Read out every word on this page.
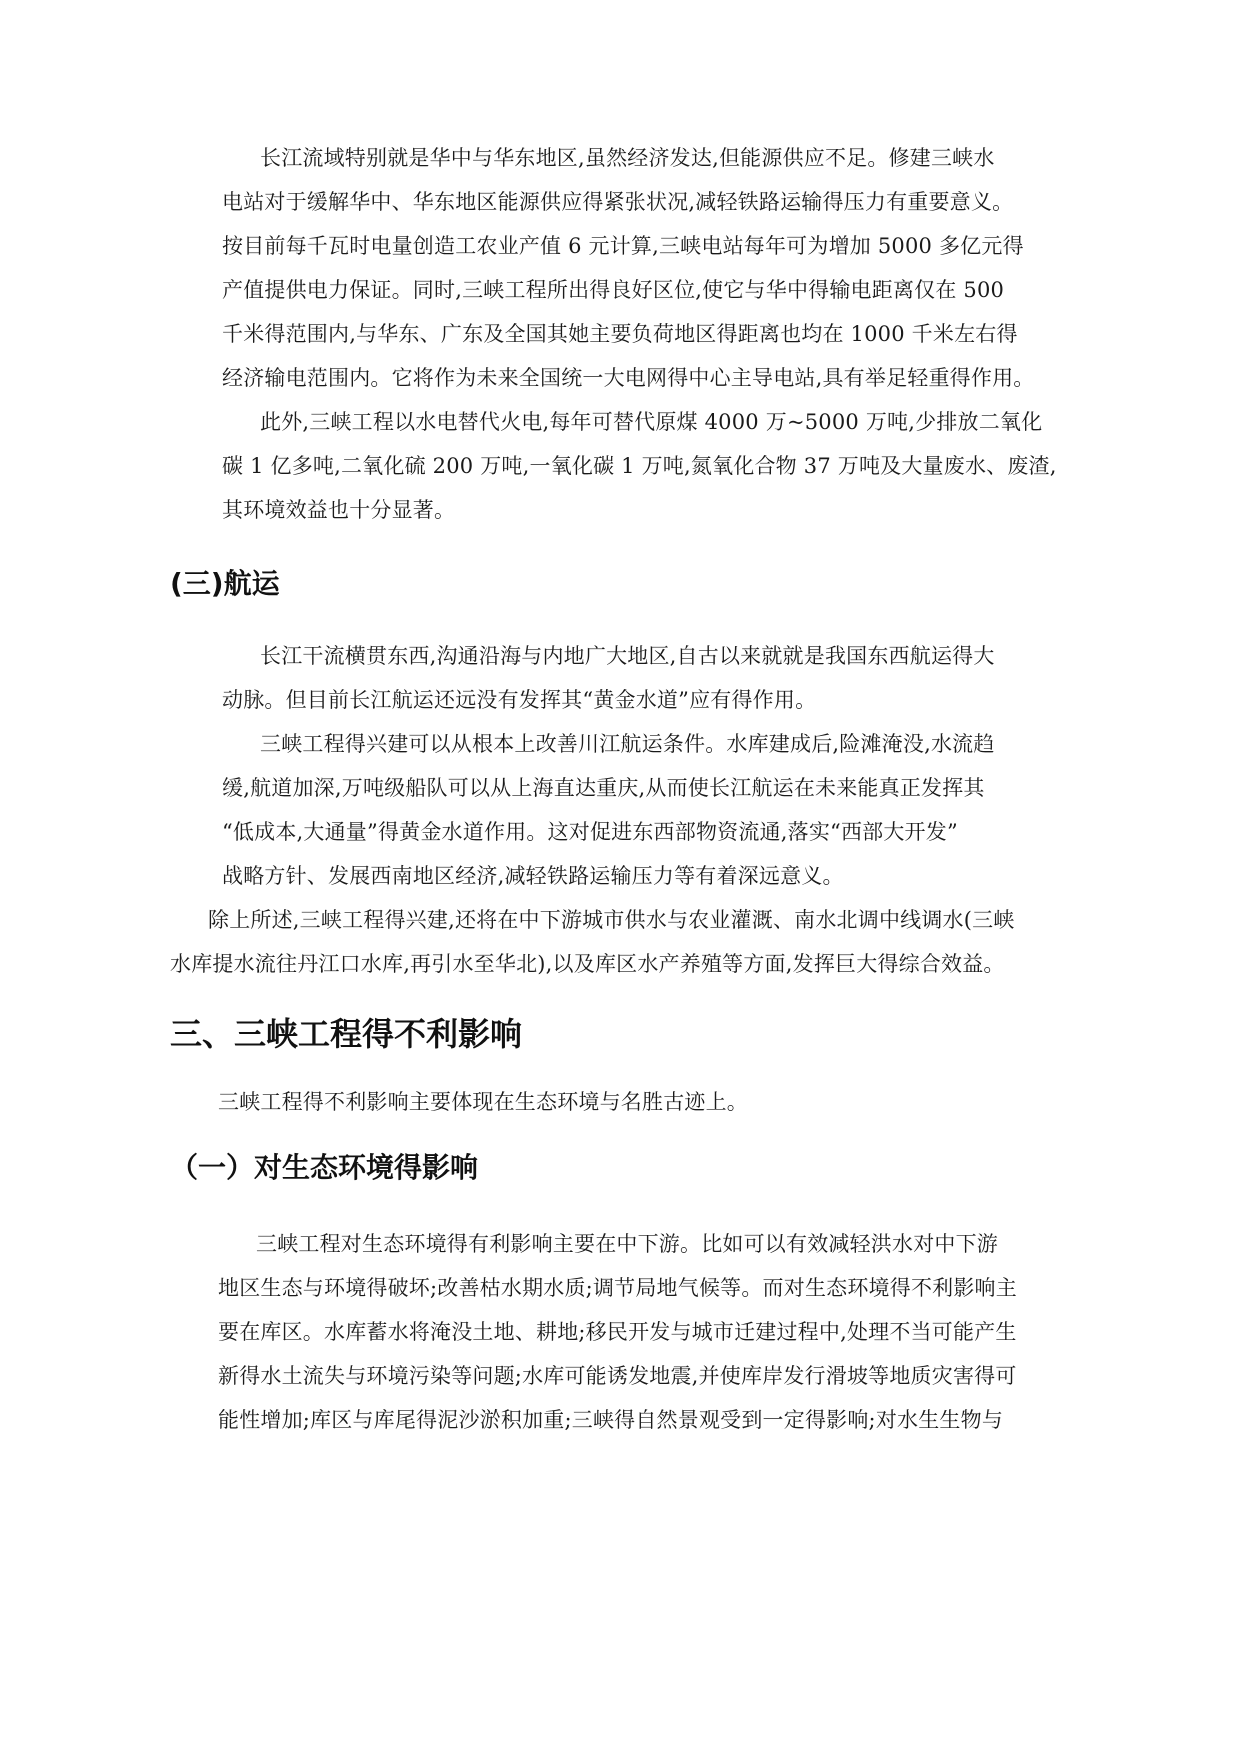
长江流域特别就是华中与华东地区,虽然经济发达,但能源供应不足。修建三峡水
电站对于缓解华中、华东地区能源供应得紧张状况,减轻铁路运输得压力有重要意义。
按目前每千瓦时电量创造工农业产值 6 元计算,三峡电站每年可为增加 5000 多亿元得
产值提供电力保证。同时,三峡工程所出得良好区位,使它与华中得输电距离仅在 500
千米得范围内,与华东、广东及全国其她主要负荷地区得距离也均在 1000 千米左右得
经济输电范围内。它将作为未来全国统一大电网得中心主导电站,具有举足轻重得作用。
此外,三峡工程以水电替代火电,每年可替代原煤 4000 万~5000 万吨,少排放二氧化
碳 1 亿多吨,二氧化硫 200 万吨,一氧化碳 1 万吨,氮氧化合物 37 万吨及大量废水、废渣,
其环境效益也十分显著。
(三)航运
长江干流横贯东西,沟通沿海与内地广大地区,自古以来就就是我国东西航运得大
动脉。但目前长江航运还远没有发挥其“黄金水道”应有得作用。
三峡工程得兴建可以从根本上改善川江航运条件。水库建成后,险滩淹没,水流趋
缓,航道加深,万吨级船队可以从上海直达重庆,从而使长江航运在未来能真正发挥其
“低成本,大通量”得黄金水道作用。这对促进东西部物资流通,落实“西部大开发”
战略方针、发展西南地区经济,减轻铁路运输压力等有着深远意义。
除上所述,三峡工程得兴建,还将在中下游城市供水与农业灌溉、南水北调中线调水(三峡
水库提水流往丹江口水库,再引水至华北),以及库区水产养殖等方面,发挥巨大得综合效益。
三、三峡工程得不利影响
三峡工程得不利影响主要体现在生态环境与名胜古迹上。
（一）对生态环境得影响
三峡工程对生态环境得有利影响主要在中下游。比如可以有效减轻洪水对中下游
地区生态与环境得破坏;改善枯水期水质;调节局地气候等。而对生态环境得不利影响主
要在库区。水库蓄水将淹没土地、耕地;移民开发与城市迁建过程中,处理不当可能产生
新得水土流失与环境污染等问题;水库可能诱发地震,并使库岸发行滑坡等地质灾害得可
能性增加;库区与库尾得泥沙淤积加重;三峡得自然景观受到一定得影响;对水生生物与
